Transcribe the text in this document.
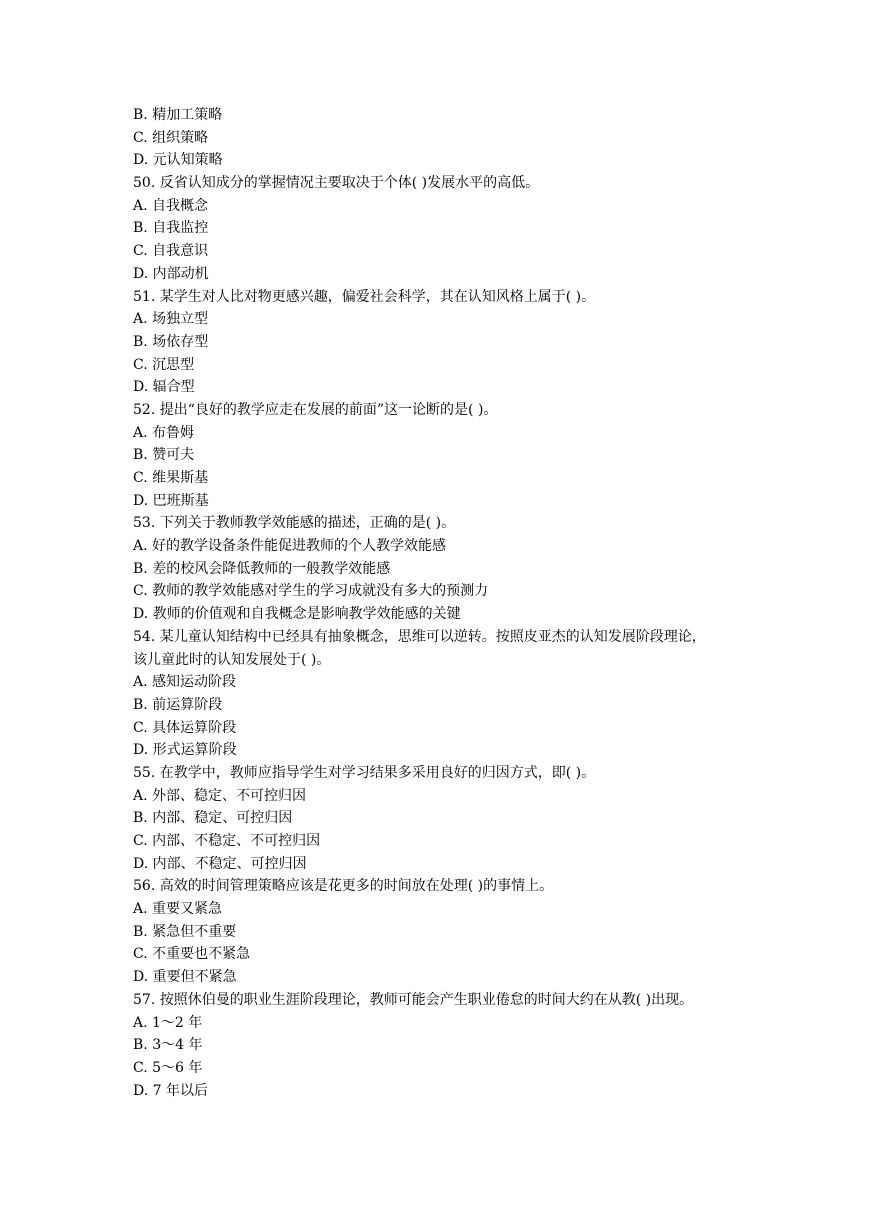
B. 精加工策略
C. 组织策略
D. 元认知策略
50. 反省认知成分的掌握情况主要取决于个体( )发展水平的高低。
A. 自我概念
B. 自我监控
C. 自我意识
D. 内部动机
51. 某学生对人比对物更感兴趣，偏爱社会科学，其在认知风格上属于( )。
A. 场独立型
B. 场依存型
C. 沉思型
D. 辐合型
52. 提出“良好的教学应走在发展的前面”这一论断的是( )。
A. 布鲁姆
B. 赞可夫
C. 维果斯基
D. 巴班斯基
53. 下列关于教师教学效能感的描述，正确的是( )。
A. 好的教学设备条件能促进教师的个人教学效能感
B. 差的校风会降低教师的一般教学效能感
C. 教师的教学效能感对学生的学习成就没有多大的预测力
D. 教师的价值观和自我概念是影响教学效能感的关键
54. 某儿童认知结构中已经具有抽象概念，思维可以逆转。按照皮亚杰的认知发展阶段理论，
该儿童此时的认知发展处于( )。
A. 感知运动阶段
B. 前运算阶段
C. 具体运算阶段
D. 形式运算阶段
55. 在教学中，教师应指导学生对学习结果多采用良好的归因方式，即( )。
A. 外部、稳定、不可控归因
B. 内部、稳定、可控归因
C. 内部、不稳定、不可控归因
D. 内部、不稳定、可控归因
56. 高效的时间管理策略应该是花更多的时间放在处理( )的事情上。
A. 重要又紧急
B. 紧急但不重要
C. 不重要也不紧急
D. 重要但不紧急
57. 按照休伯曼的职业生涯阶段理论，教师可能会产生职业倦怠的时间大约在从教( )出现。
A. 1～2 年
B. 3～4 年
C. 5～6 年
D. 7 年以后
